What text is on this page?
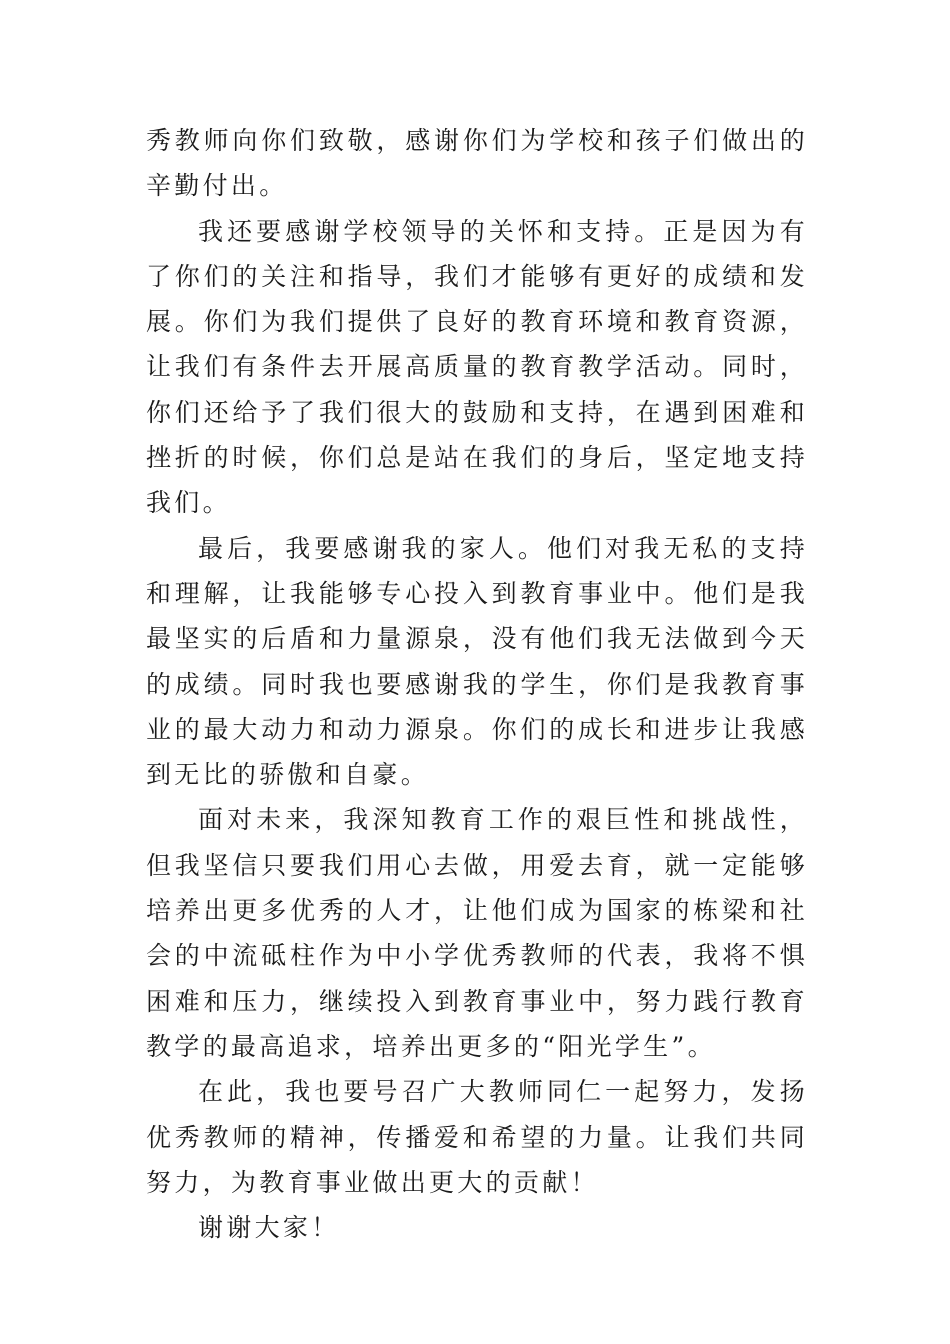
秀教师向你们致敬，感谢你们为学校和孩子们做出的辛勤付出。

我还要感谢学校领导的关怀和支持。正是因为有了你们的关注和指导，我们才能够有更好的成绩和发展。你们为我们提供了良好的教育环境和教育资源，让我们有条件去开展高质量的教育教学活动。同时，你们还给予了我们很大的鼓励和支持，在遇到困难和挫折的时候，你们总是站在我们的身后，坚定地支持我们。

最后，我要感谢我的家人。他们对我无私的支持和理解，让我能够专心投入到教育事业中。他们是我最坚实的后盾和力量源泉，没有他们我无法做到今天的成绩。同时我也要感谢我的学生，你们是我教育事业的最大动力和动力源泉。你们的成长和进步让我感到无比的骄傲和自豪。

面对未来，我深知教育工作的艰巨性和挑战性，但我坚信只要我们用心去做，用爱去育，就一定能够培养出更多优秀的人才，让他们成为国家的栋梁和社会的中流砥柱作为中小学优秀教师的代表，我将不惧困难和压力，继续投入到教育事业中，努力践行教育教学的最高追求，培养出更多的“阳光学生”。

在此，我也要号召广大教师同仁一起努力，发扬优秀教师的精神，传播爱和希望的力量。让我们共同努力，为教育事业做出更大的贡献！

谢谢大家！
